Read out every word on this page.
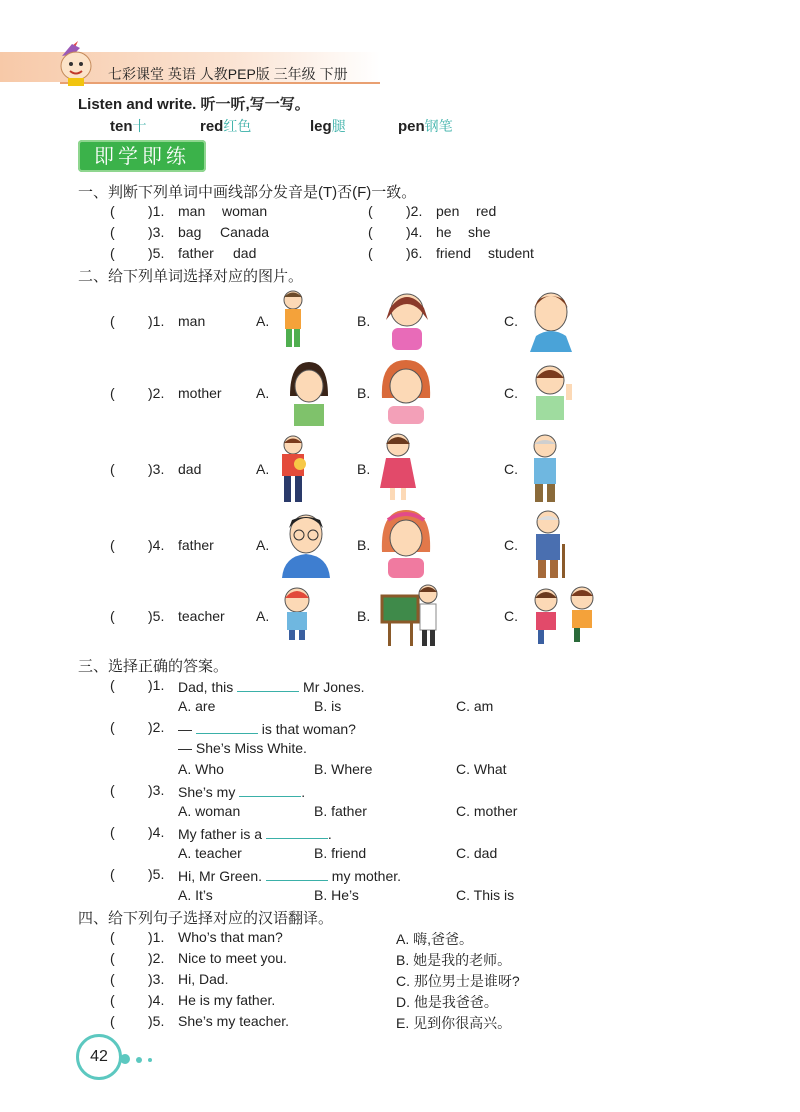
七彩课堂 英语 人教PEP版 三年级 下册
Listen and write. 听一听,写一写。
ten十	red红色	leg腿	pen钢笔
即学即练
一、判断下列单词中画线部分发音是(T)否(F)一致。
( )1. man woman	( )2. pen red
( )3. bag Canada	( )4. he she
( )5. father dad	( )6. friend student
二、给下列单词选择对应的图片。
( )1. man	A.	B.	C.
( )2. mother A.	B.	C.
( )3. dad	A.	B.	C.
( )4. father	A.	B.	C.
( )5. teacher A.	B.	C.
三、选择正确的答案。
( )1. Dad, this	Mr Jones.
A. are	B. is	C. am
( )2. —	is that woman?
— She’s Miss White.
A. Who	B. Where	C. What
( )3. She’s my	.
A. woman	B. father	C. mother
( )4. My father is a	.
A. teacher	B. friend	C. dad
( )5. Hi, Mr Green.	my mother.
A. It’s	B. He’s	C. This is
四、给下列句子选择对应的汉语翻译。
( )1. Who’s that man?	A. 嗨,爸爸。
( )2. Nice to meet you.	B. 她是我的老师。
( )3. Hi, Dad.	C. 那位男士是谁呀?
( )4. He is my father.	D. 他是我爸爸。
( )5. She’s my teacher.	E. 见到你很高兴。
42
